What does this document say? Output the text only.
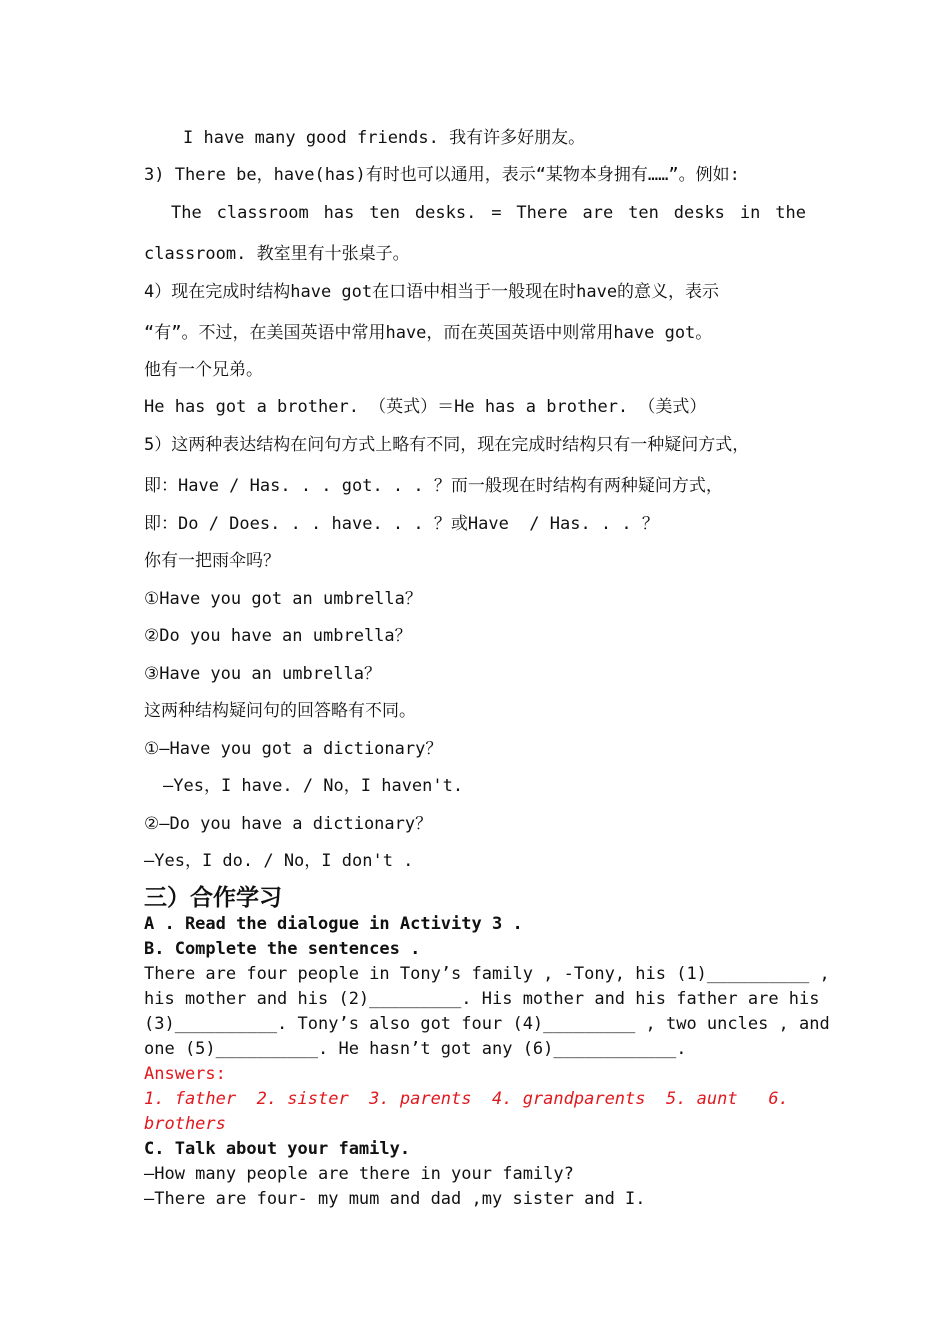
I have many good friends. 我有许多好朋友。
3) There be，have(has)有时也可以通用，表示“某物本身拥有……”。例如:
The classroom has ten desks. = There are ten desks in the
classroom. 教室里有十张桌子。
4）现在完成时结构have got在口语中相当于一般现在时have的意义，表示
“有”。不过，在美国英语中常用have，而在英国英语中则常用have got。
他有一个兄弟。
He has got a brother. （英式）＝He has a brother. （美式）
5）这两种表达结构在问句方式上略有不同，现在完成时结构只有一种疑问方式，
即：Have / Has. . . got. . . ？而一般现在时结构有两种疑问方式，
即：Do / Does. . . have. . . ？或Have  / Has. . . ？
你有一把雨伞吗？
①Have you got an umbrella？
②Do you have an umbrella？
③Have you an umbrella？
这两种结构疑问句的回答略有不同。
①—Have you got a dictionary？
—Yes，I have. / No，I haven't.
②—Do you have a dictionary？
—Yes，I do. / No，I don't .
三）合作学习
A . Read the dialogue in Activity 3 .
B. Complete the sentences .
There are four people in Tony’s family , -Tony, his (1)__________ ,
his mother and his (2)_________. His mother and his father are his
(3)__________. Tony’s also got four (4)_________ , two uncles , and
one (5)__________. He hasn’t got any (6)____________.
Answers:
1. father  2. sister  3. parents  4. grandparents  5. aunt   6.
brothers
C. Talk about your family.
—How many people are there in your family?
—There are four- my mum and dad ,my sister and I.
